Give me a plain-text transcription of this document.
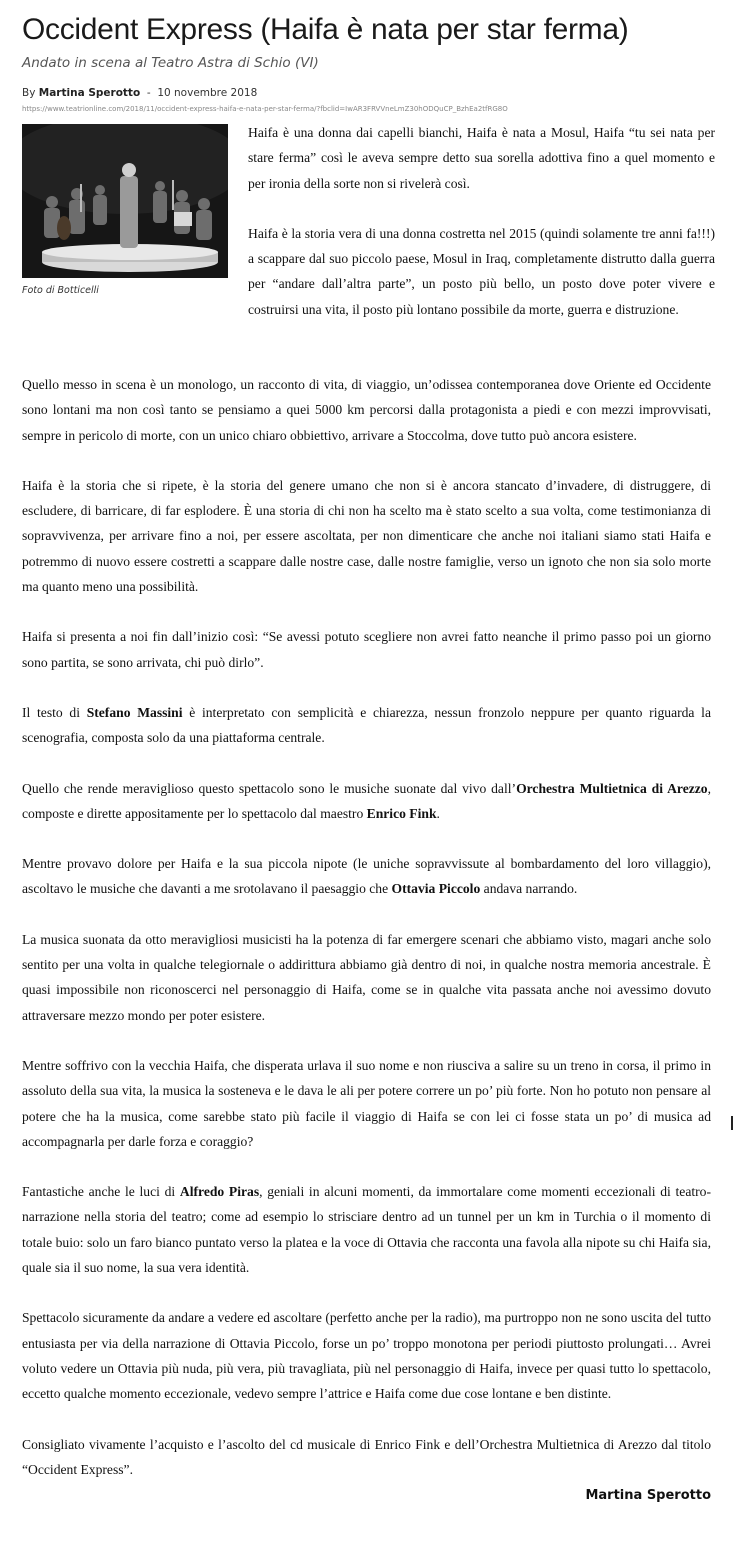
Occident Express (Haifa è nata per star ferma)
Andato in scena al Teatro Astra di Schio (VI)
By Martina Sperotto - 10 novembre 2018
https://www.teatrionline.com/2018/11/occident-express-haifa-e-nata-per-star-ferma/?fbclid=IwAR3FRVVneLmZ30hODQuCP_BzhEa2tfRG8O
Foto di Botticelli
Haifa è una donna dai capelli bianchi, Haifa è nata a Mosul, Haifa “tu sei nata per stare ferma” così le aveva sempre detto sua sorella adottiva fino a quel momento e per ironia della sorte non si rivelerà così.
Haifa è la storia vera di una donna costretta nel 2015 (quindi solamente tre anni fa!!!) a scappare dal suo piccolo paese, Mosul in Iraq, completamente distrutto dalla guerra per “andare dall’altra parte”, un posto più bello, un posto dove poter vivere e costruirsi una vita, il posto più lontano possibile da morte, guerra e distruzione.
Quello messo in scena è un monologo, un racconto di vita, di viaggio, un’odissea contemporanea dove Oriente ed Occidente sono lontani ma non così tanto se pensiamo a quei 5000 km percorsi dalla protagonista a piedi e con mezzi improvvisati, sempre in pericolo di morte, con un unico chiaro obbiettivo, arrivare a Stoccolma, dove tutto può ancora esistere.
Haifa è la storia che si ripete, è la storia del genere umano che non si è ancora stancato d’invadere, di distruggere, di escludere, di barricare, di far esplodere. È una storia di chi non ha scelto ma è stato scelto a sua volta, come testimonianza di sopravvivenza, per arrivare fino a noi, per essere ascoltata, per non dimenticare che anche noi italiani siamo stati Haifa e potremmo di nuovo essere costretti a scappare dalle nostre case, dalle nostre famiglie, verso un ignoto che non sia solo morte ma quanto meno una possibilità.
Haifa si presenta a noi fin dall’inizio così: “Se avessi potuto scegliere non avrei fatto neanche il primo passo poi un giorno sono partita, se sono arrivata, chi può dirlo”.
Il testo di Stefano Massini è interpretato con semplicità e chiarezza, nessun fronzolo neppure per quanto riguarda la scenografia, composta solo da una piattaforma centrale.
Quello che rende meraviglioso questo spettacolo sono le musiche suonate dal vivo dall’Orchestra Multietnica di Arezzo, composte e dirette appositamente per lo spettacolo dal maestro Enrico Fink.
Mentre provavo dolore per Haifa e la sua piccola nipote (le uniche sopravvissute al bombardamento del loro villaggio), ascoltavo le musiche che davanti a me srotolavano il paesaggio che Ottavia Piccolo andava narrando.
La musica suonata da otto meravigliosi musicisti ha la potenza di far emergere scenari che abbiamo visto, magari anche solo sentito per una volta in qualche telegiornale o addirittura abbiamo già dentro di noi, in qualche nostra memoria ancestrale. È quasi impossibile non riconoscerci nel personaggio di Haifa, come se in qualche vita passata anche noi avessimo dovuto attraversare mezzo mondo per poter esistere.
Mentre soffrivo con la vecchia Haifa, che disperata urlava il suo nome e non riusciva a salire su un treno in corsa, il primo in assoluto della sua vita, la musica la sosteneva e le dava le ali per potere correre un po’ più forte. Non ho potuto non pensare al potere che ha la musica, come sarebbe stato più facile il viaggio di Haifa se con lei ci fosse stata un po’ di musica ad accompagnarla per darle forza e coraggio?
Fantastiche anche le luci di Alfredo Piras, geniali in alcuni momenti, da immortalare come momenti eccezionali di teatro-narrazione nella storia del teatro; come ad esempio lo strisciare dentro ad un tunnel per un km in Turchia o il momento di totale buio: solo un faro bianco puntato verso la platea e la voce di Ottavia che racconta una favola alla nipote su chi Haifa sia, quale sia il suo nome, la sua vera identità.
Spettacolo sicuramente da andare a vedere ed ascoltare (perfetto anche per la radio), ma purtroppo non ne sono uscita del tutto entusiasta per via della narrazione di Ottavia Piccolo, forse un po’ troppo monotona per periodi piuttosto prolungati… Avrei voluto vedere un Ottavia più nuda, più vera, più travagliata, più nel personaggio di Haifa, invece per quasi tutto lo spettacolo, eccetto qualche momento eccezionale, vedevo sempre l’attrice e Haifa come due cose lontane e ben distinte.
Consigliato vivamente l’acquisto e l’ascolto del cd musicale di Enrico Fink e dell’Orchestra Multietnica di Arezzo dal titolo “Occident Express”.
Martina Sperotto
